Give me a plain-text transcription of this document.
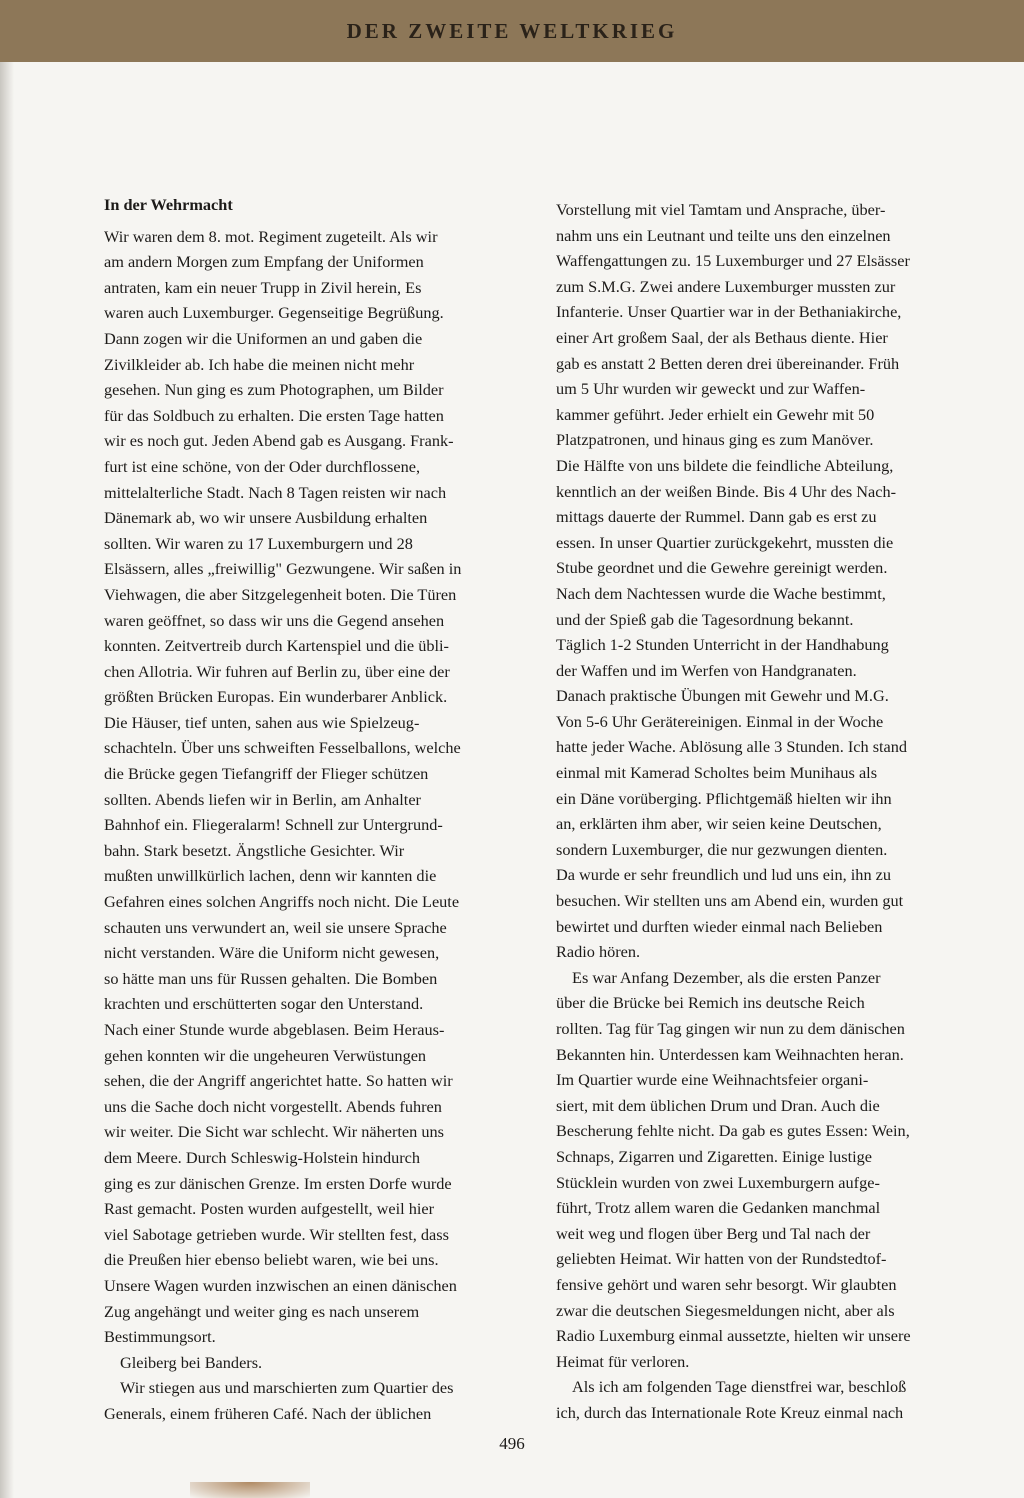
DER ZWEITE WELTKRIEG
In der Wehrmacht
Wir waren dem 8. mot. Regiment zugeteilt. Als wir
am andern Morgen zum Empfang der Uniformen
antraten, kam ein neuer Trupp in Zivil herein, Es
waren auch Luxemburger. Gegenseitige Begrüßung.
Dann zogen wir die Uniformen an und gaben die
Zivilkleider ab. Ich habe die meinen nicht mehr
gesehen. Nun ging es zum Photographen, um Bilder
für das Soldbuch zu erhalten. Die ersten Tage hatten
wir es noch gut. Jeden Abend gab es Ausgang. Frank-
furt ist eine schöne, von der Oder durchflossene,
mittelalterliche Stadt. Nach 8 Tagen reisten wir nach
Dänemark ab, wo wir unsere Ausbildung erhalten
sollten. Wir waren zu 17 Luxemburgern und 28
Elsässern, alles „freiwillig" Gezwungene. Wir saßen in
Viehwagen, die aber Sitzgelegenheit boten. Die Türen
waren geöffnet, so dass wir uns die Gegend ansehen
konnten. Zeitvertreib durch Kartenspiel und die übli-
chen Allotria. Wir fuhren auf Berlin zu, über eine der
größten Brücken Europas. Ein wunderbarer Anblick.
Die Häuser, tief unten, sahen aus wie Spielzeug-
schachteln. Über uns schweiften Fesselballons, welche
die Brücke gegen Tiefangriff der Flieger schützen
sollten. Abends liefen wir in Berlin, am Anhalter
Bahnhof ein. Fliegeralarm! Schnell zur Untergrund-
bahn. Stark besetzt. Ängstliche Gesichter. Wir
mußten unwillkürlich lachen, denn wir kannten die
Gefahren eines solchen Angriffs noch nicht. Die Leute
schauten uns verwundert an, weil sie unsere Sprache
nicht verstanden. Wäre die Uniform nicht gewesen,
so hätte man uns für Russen gehalten. Die Bomben
krachten und erschütterten sogar den Unterstand.
Nach einer Stunde wurde abgeblasen. Beim Heraus-
gehen konnten wir die ungeheuren Verwüstungen
sehen, die der Angriff angerichtet hatte. So hatten wir
uns die Sache doch nicht vorgestellt. Abends fuhren
wir weiter. Die Sicht war schlecht. Wir näherten uns
dem Meere. Durch Schleswig-Holstein hindurch
ging es zur dänischen Grenze. Im ersten Dorfe wurde
Rast gemacht. Posten wurden aufgestellt, weil hier
viel Sabotage getrieben wurde. Wir stellten fest, dass
die Preußen hier ebenso beliebt waren, wie bei uns.
Unsere Wagen wurden inzwischen an einen dänischen
Zug angehängt und weiter ging es nach unserem
Bestimmungsort.
Gleiberg bei Banders.
Wir stiegen aus und marschierten zum Quartier des
Generals, einem früheren Café. Nach der üblichen
Vorstellung mit viel Tamtam und Ansprache, über-
nahm uns ein Leutnant und teilte uns den einzelnen
Waffengattungen zu. 15 Luxemburger und 27 Elsässer
zum S.M.G. Zwei andere Luxemburger mussten zur
Infanterie. Unser Quartier war in der Bethaniakirche,
einer Art großem Saal, der als Bethaus diente. Hier
gab es anstatt 2 Betten deren drei übereinander. Früh
um 5 Uhr wurden wir geweckt und zur Waffen-
kammer geführt. Jeder erhielt ein Gewehr mit 50
Platzpatronen, und hinaus ging es zum Manöver.
Die Hälfte von uns bildete die feindliche Abteilung,
kenntlich an der weißen Binde. Bis 4 Uhr des Nach-
mittags dauerte der Rummel. Dann gab es erst zu
essen. In unser Quartier zurückgekehrt, mussten die
Stube geordnet und die Gewehre gereinigt werden.
Nach dem Nachtessen wurde die Wache bestimmt,
und der Spieß gab die Tagesordnung bekannt.
Täglich 1-2 Stunden Unterricht in der Handhabung
der Waffen und im Werfen von Handgranaten.
Danach praktische Übungen mit Gewehr und M.G.
Von 5-6 Uhr Gerätereinigen. Einmal in der Woche
hatte jeder Wache. Ablösung alle 3 Stunden. Ich stand
einmal mit Kamerad Scholtes beim Munihaus als
ein Däne vorüberging. Pflichtgemäß hielten wir ihn
an, erklärten ihm aber, wir seien keine Deutschen,
sondern Luxemburger, die nur gezwungen dienten.
Da wurde er sehr freundlich und lud uns ein, ihn zu
besuchen. Wir stellten uns am Abend ein, wurden gut
bewirtet und durften wieder einmal nach Belieben
Radio hören.
Es war Anfang Dezember, als die ersten Panzer
über die Brücke bei Remich ins deutsche Reich
rollten. Tag für Tag gingen wir nun zu dem dänischen
Bekannten hin. Unterdessen kam Weihnachten heran.
Im Quartier wurde eine Weihnachtsfeier organi-
siert, mit dem üblichen Drum und Dran. Auch die
Bescherung fehlte nicht. Da gab es gutes Essen: Wein,
Schnaps, Zigarren und Zigaretten. Einige lustige
Stücklein wurden von zwei Luxemburgern aufge-
führt, Trotz allem waren die Gedanken manchmal
weit weg und flogen über Berg und Tal nach der
geliebten Heimat. Wir hatten von der Rundstedtof-
fensive gehört und waren sehr besorgt. Wir glaubten
zwar die deutschen Siegesmeldungen nicht, aber als
Radio Luxemburg einmal aussetzte, hielten wir unsere
Heimat für verloren.
Als ich am folgenden Tage dienstfrei war, beschloß
ich, durch das Internationale Rote Kreuz einmal nach
496
